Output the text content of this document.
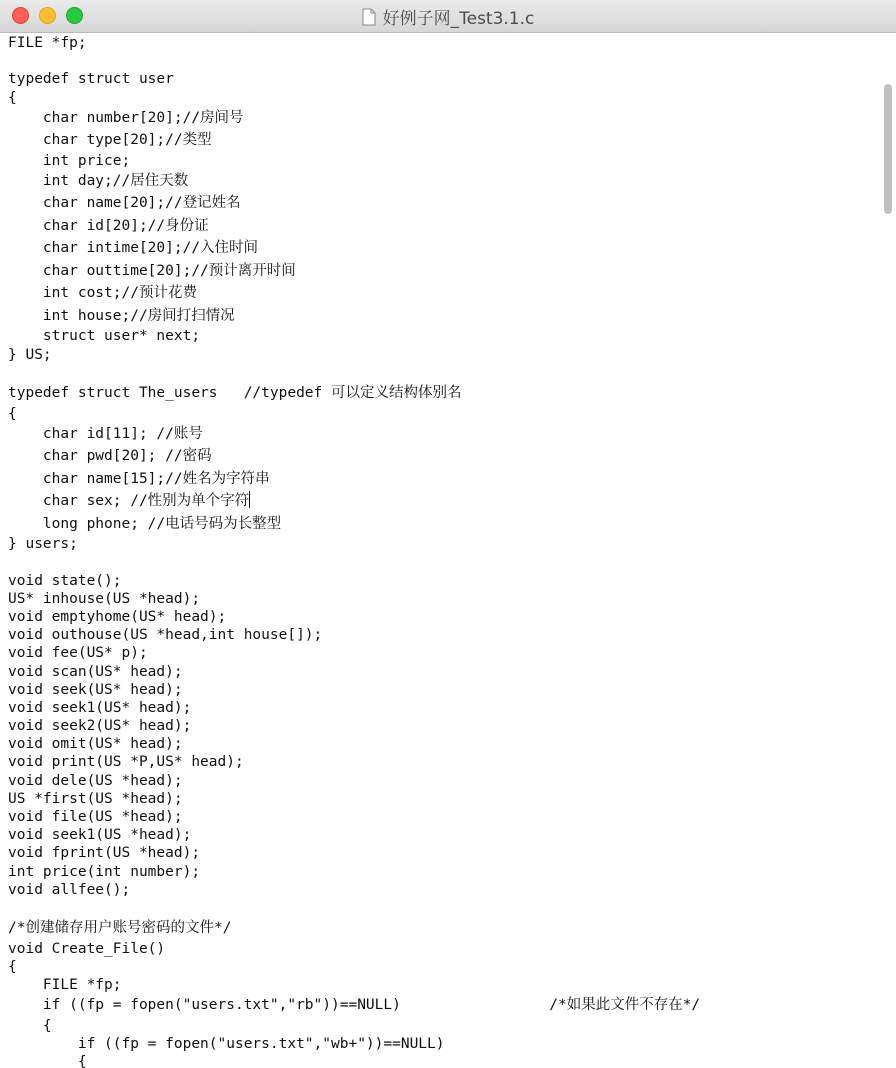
好例子网_Test3.1.c
FILE *fp;
typedef struct user
{
char number[20];//房间号
char type[20];//类型
int price;
int day;//居住天数
char name[20];//登记姓名
char id[20];//身份证
char intime[20];//入住时间
char outtime[20];//预计离开时间
int cost;//预计花费
int house;//房间打扫情况
struct user* next;
} US;
typedef struct The_users   //typedef 可以定义结构体别名
{
char id[11]; //账号
char pwd[20]; //密码
char name[15];//姓名为字符串
char sex; //性别为单个字符
long phone; //电话号码为长整型
} users;
void state();
US* inhouse(US *head);
void emptyhome(US* head);
void outhouse(US *head,int house[]);
void fee(US* p);
void scan(US* head);
void seek(US* head);
void seek1(US* head);
void seek2(US* head);
void omit(US* head);
void print(US *P,US* head);
void dele(US *head);
US *first(US *head);
void file(US *head);
void seek1(US *head);
void fprint(US *head);
int price(int number);
void allfee();
/*创建储存用户账号密码的文件*/
void Create_File()
{
FILE *fp;
if ((fp = fopen("users.txt","rb"))==NULL)                 /*如果此文件不存在*/
{
if ((fp = fopen("users.txt","wb+"))==NULL)
{
